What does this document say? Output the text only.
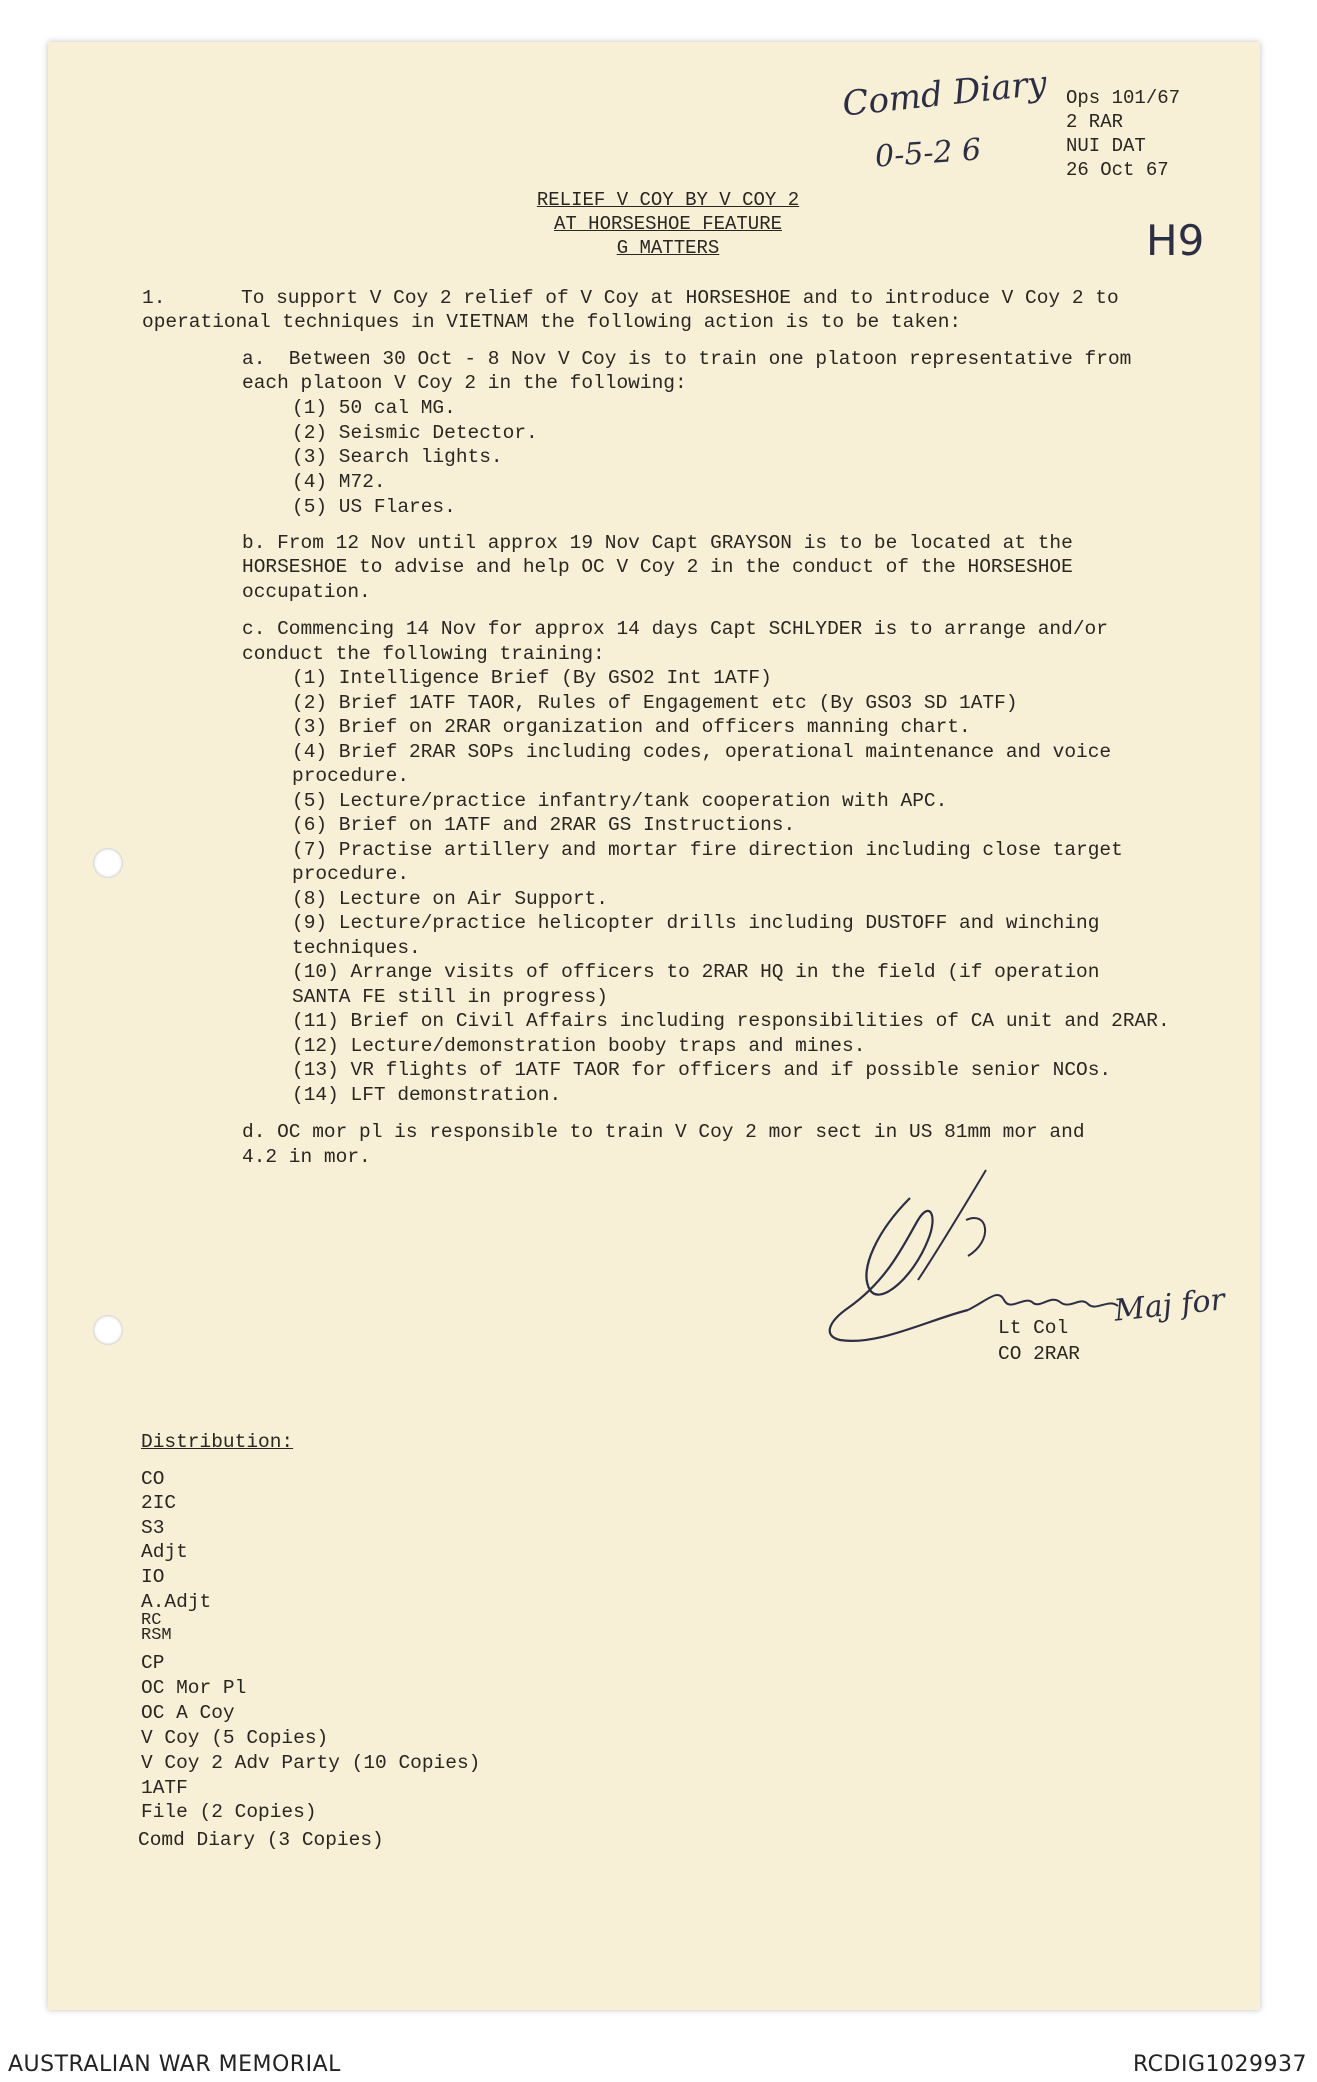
Comd Diary
0-5-2 6
H9
Ops 101/67
2 RAR
NUI DAT
26 Oct 67
RELIEF V COY BY V COY 2
AT HORSESHOE FEATURE
G MATTERS
1.	To support V Coy 2 relief of V Coy at HORSESHOE and to introduce V Coy 2 to
operational techniques in VIETNAM the following action is to be taken:
a.  Between 30 Oct - 8 Nov V Coy is to train one platoon representative from
each platoon V Coy 2 in the following:
(1) 50 cal MG.
(2) Seismic Detector.
(3) Search lights.
(4) M72.
(5) US Flares.
b. From 12 Nov until approx 19 Nov Capt GRAYSON is to be located at the
HORSESHOE to advise and help OC V Coy 2 in the conduct of the HORSESHOE
occupation.
c. Commencing 14 Nov for approx 14 days Capt SCHLYDER is to arrange and/or
conduct the following training:
(1) Intelligence Brief (By GSO2 Int 1ATF)
(2) Brief 1ATF TAOR, Rules of Engagement etc (By GSO3 SD 1ATF)
(3) Brief on 2RAR organization and officers manning chart.
(4) Brief 2RAR SOPs including codes, operational maintenance and voice
procedure.
(5) Lecture/practice infantry/tank cooperation with APC.
(6) Brief on 1ATF and 2RAR GS Instructions.
(7) Practise artillery and mortar fire direction including close target
procedure.
(8) Lecture on Air Support.
(9) Lecture/practice helicopter drills including DUSTOFF and winching
techniques.
(10) Arrange visits of officers to 2RAR HQ in the field (if operation
SANTA FE still in progress)
(11) Brief on Civil Affairs including responsibilities of CA unit and 2RAR.
(12) Lecture/demonstration booby traps and mines.
(13) VR flights of 1ATF TAOR for officers and if possible senior NCOs.
(14) LFT demonstration.
d. OC mor pl is responsible to train V Coy 2 mor sect in US 81mm mor and
4.2 in mor.
Maj for
Lt Col
CO 2RAR
Distribution:
CO
2IC
S3
Adjt
IO
A.Adjt
RC
RSM
CP
OC Mor Pl
OC A Coy
V Coy (5 Copies)
V Coy 2 Adv Party (10 Copies)
1ATF
File (2 Copies)
Comd Diary (3 Copies)
AUSTRALIAN WAR MEMORIAL	RCDIG1029937
